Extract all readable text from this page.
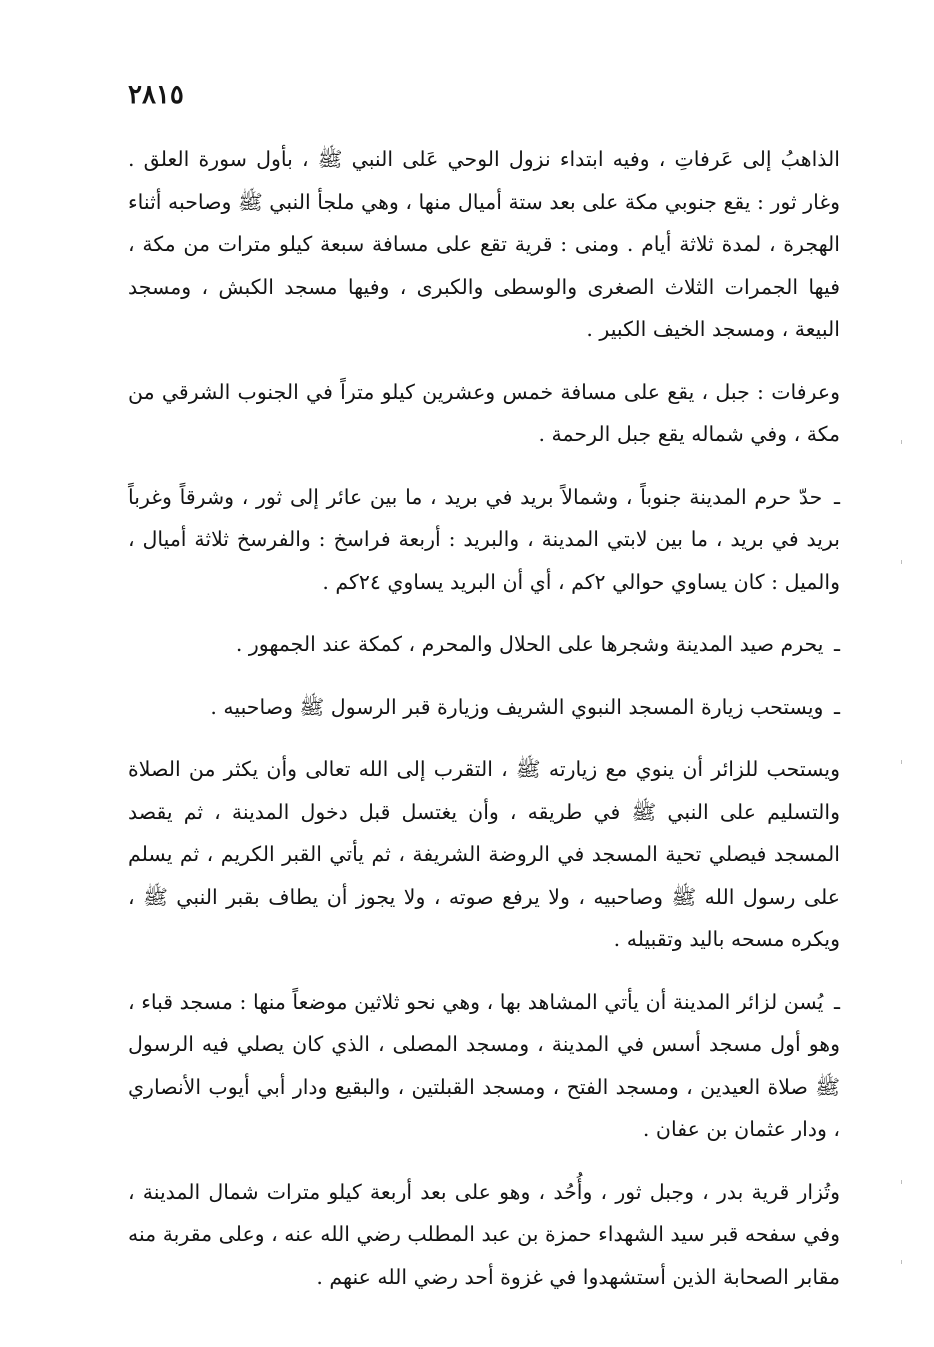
٢٨١٥

الذاهبُ إلى عَرفاتِ ، وفيه ابتداء نزول الوحي عَلى النبي ﷺ ، بأول سورة العلق . وغار ثور : يقع جنوبي مكة على بعد ستة أميال منها ، وهي ملجأ النبي ﷺ وصاحبه أثناء الهجرة ، لمدة ثلاثة أيام . ومنى : قرية تقع على مسافة سبعة كيلو مترات من مكة ، فيها الجمرات الثلاث الصغرى والوسطى والكبرى ، وفيها مسجد الكبش ، ومسجد البيعة ، ومسجد الخيف الكبير .

وعرفات : جبل ، يقع على مسافة خمس وعشرين كيلو متراً في الجنوب الشرقي من مكة ، وفي شماله يقع جبل الرحمة .

ـ حدّ حرم المدينة جنوباً ، وشمالاً بريد في بريد ، ما بين عائر إلى ثور ، وشرقاً وغرباً بريد في بريد ، ما بين لابتي المدينة ، والبريد : أربعة فراسخ : والفرسخ ثلاثة أميال ، والميل : كان يساوي حوالي ٢كم ، أي أن البريد يساوي ٢٤كم .

ـ يحرم صيد المدينة وشجرها على الحلال والمحرم ، كمكة عند الجمهور .

ـ ويستحب زيارة المسجد النبوي الشريف وزيارة قبر الرسول ﷺ وصاحبيه .

ويستحب للزائر أن ينوي مع زيارته ﷺ ، التقرب إلى الله تعالى وأن يكثر من الصلاة والتسليم على النبي ﷺ في طريقه ، وأن يغتسل قبل دخول المدينة ، ثم يقصد المسجد فيصلي تحية المسجد في الروضة الشريفة ، ثم يأتي القبر الكريم ، ثم يسلم على رسول الله ﷺ وصاحبيه ، ولا يرفع صوته ، ولا يجوز أن يطاف بقبر النبي ﷺ ، ويكره مسحه باليد وتقبيله .

ـ يُسن لزائر المدينة أن يأتي المشاهد بها ، وهي نحو ثلاثين موضعاً منها : مسجد قباء ، وهو أول مسجد أسس في المدينة ، ومسجد المصلى ، الذي كان يصلي فيه الرسول ﷺ صلاة العيدين ، ومسجد الفتح ، ومسجد القبلتين ، والبقيع ودار أبي أيوب الأنصاري ، ودار عثمان بن عفان .

وتُزار قرية بدر ، وجبل ثور ، وأُحُد ، وهو على بعد أربعة كيلو مترات شمال المدينة ، وفي سفحه قبر سيد الشهداء حمزة بن عبد المطلب رضي الله عنه ، وعلى مقربة منه مقابر الصحابة الذين أستشهدوا في غزوة أحد رضي الله عنهم .
